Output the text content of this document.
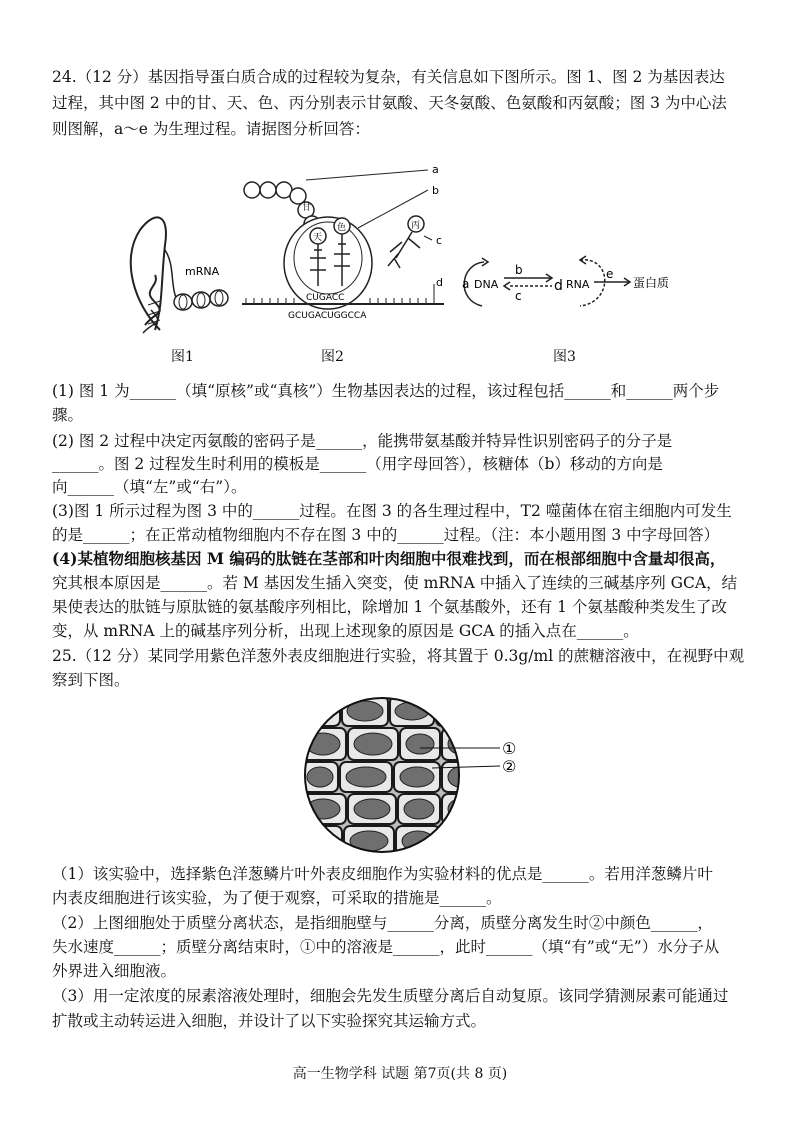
24.（12 分）基因指导蛋白质合成的过程较为复杂，有关信息如下图所示。图 1、图 2 为基因表达
过程，其中图 2 中的甘、天、色、丙分别表示甘氨酸、天冬氨酸、色氨酸和丙氨酸；图 3 为中心法
则图解，a～e 为生理过程。请据图分析回答：
mRNA
图1
甘
天
色
CUGACC
GCUGACUGGCCA
丙
a
b
c
d
图2
a DNA
b
c
d RNA
e
蛋白质
图3
(1) 图 1 为______（填“原核”或“真核”）生物基因表达的过程，该过程包括______和______两个步
骤。
(2) 图 2 过程中决定丙氨酸的密码子是______，能携带氨基酸并特异性识别密码子的分子是
______。图 2 过程发生时利用的模板是______（用字母回答），核糖体（b）移动的方向是
向______（填“左”或“右”）。
(3)图 1 所示过程为图 3 中的______过程。在图 3 的各生理过程中，T2 噬菌体在宿主细胞内可发生
的是______；在正常动植物细胞内不存在图 3 中的______过程。（注：本小题用图 3 中字母回答）
(4)某植物细胞核基因 M 编码的肽链在茎部和叶肉细胞中很难找到，而在根部细胞中含量却很高，
究其根本原因是______。若 M 基因发生插入突变，使 mRNA 中插入了连续的三碱基序列 GCA，结
果使表达的肽链与原肽链的氨基酸序列相比，除增加 1 个氨基酸外，还有 1 个氨基酸种类发生了改
变，从 mRNA 上的碱基序列分析，出现上述现象的原因是 GCA 的插入点在______。
25.（12 分）某同学用紫色洋葱外表皮细胞进行实验，将其置于 0.3g/ml 的蔗糖溶液中，在视野中观
察到下图。
①
②
（1）该实验中，选择紫色洋葱鳞片叶外表皮细胞作为实验材料的优点是______。若用洋葱鳞片叶
内表皮细胞进行该实验，为了便于观察，可采取的措施是______。
（2）上图细胞处于质壁分离状态，是指细胞壁与______分离，质壁分离发生时②中颜色______，
失水速度______；质壁分离结束时，①中的溶液是______，此时______（填“有”或“无”）水分子从
外界进入细胞液。
（3）用一定浓度的尿素溶液处理时，细胞会先发生质壁分离后自动复原。该同学猜测尿素可能通过
扩散或主动转运进入细胞，并设计了以下实验探究其运输方式。
高一生物学科 试题 第7页(共 8 页)
